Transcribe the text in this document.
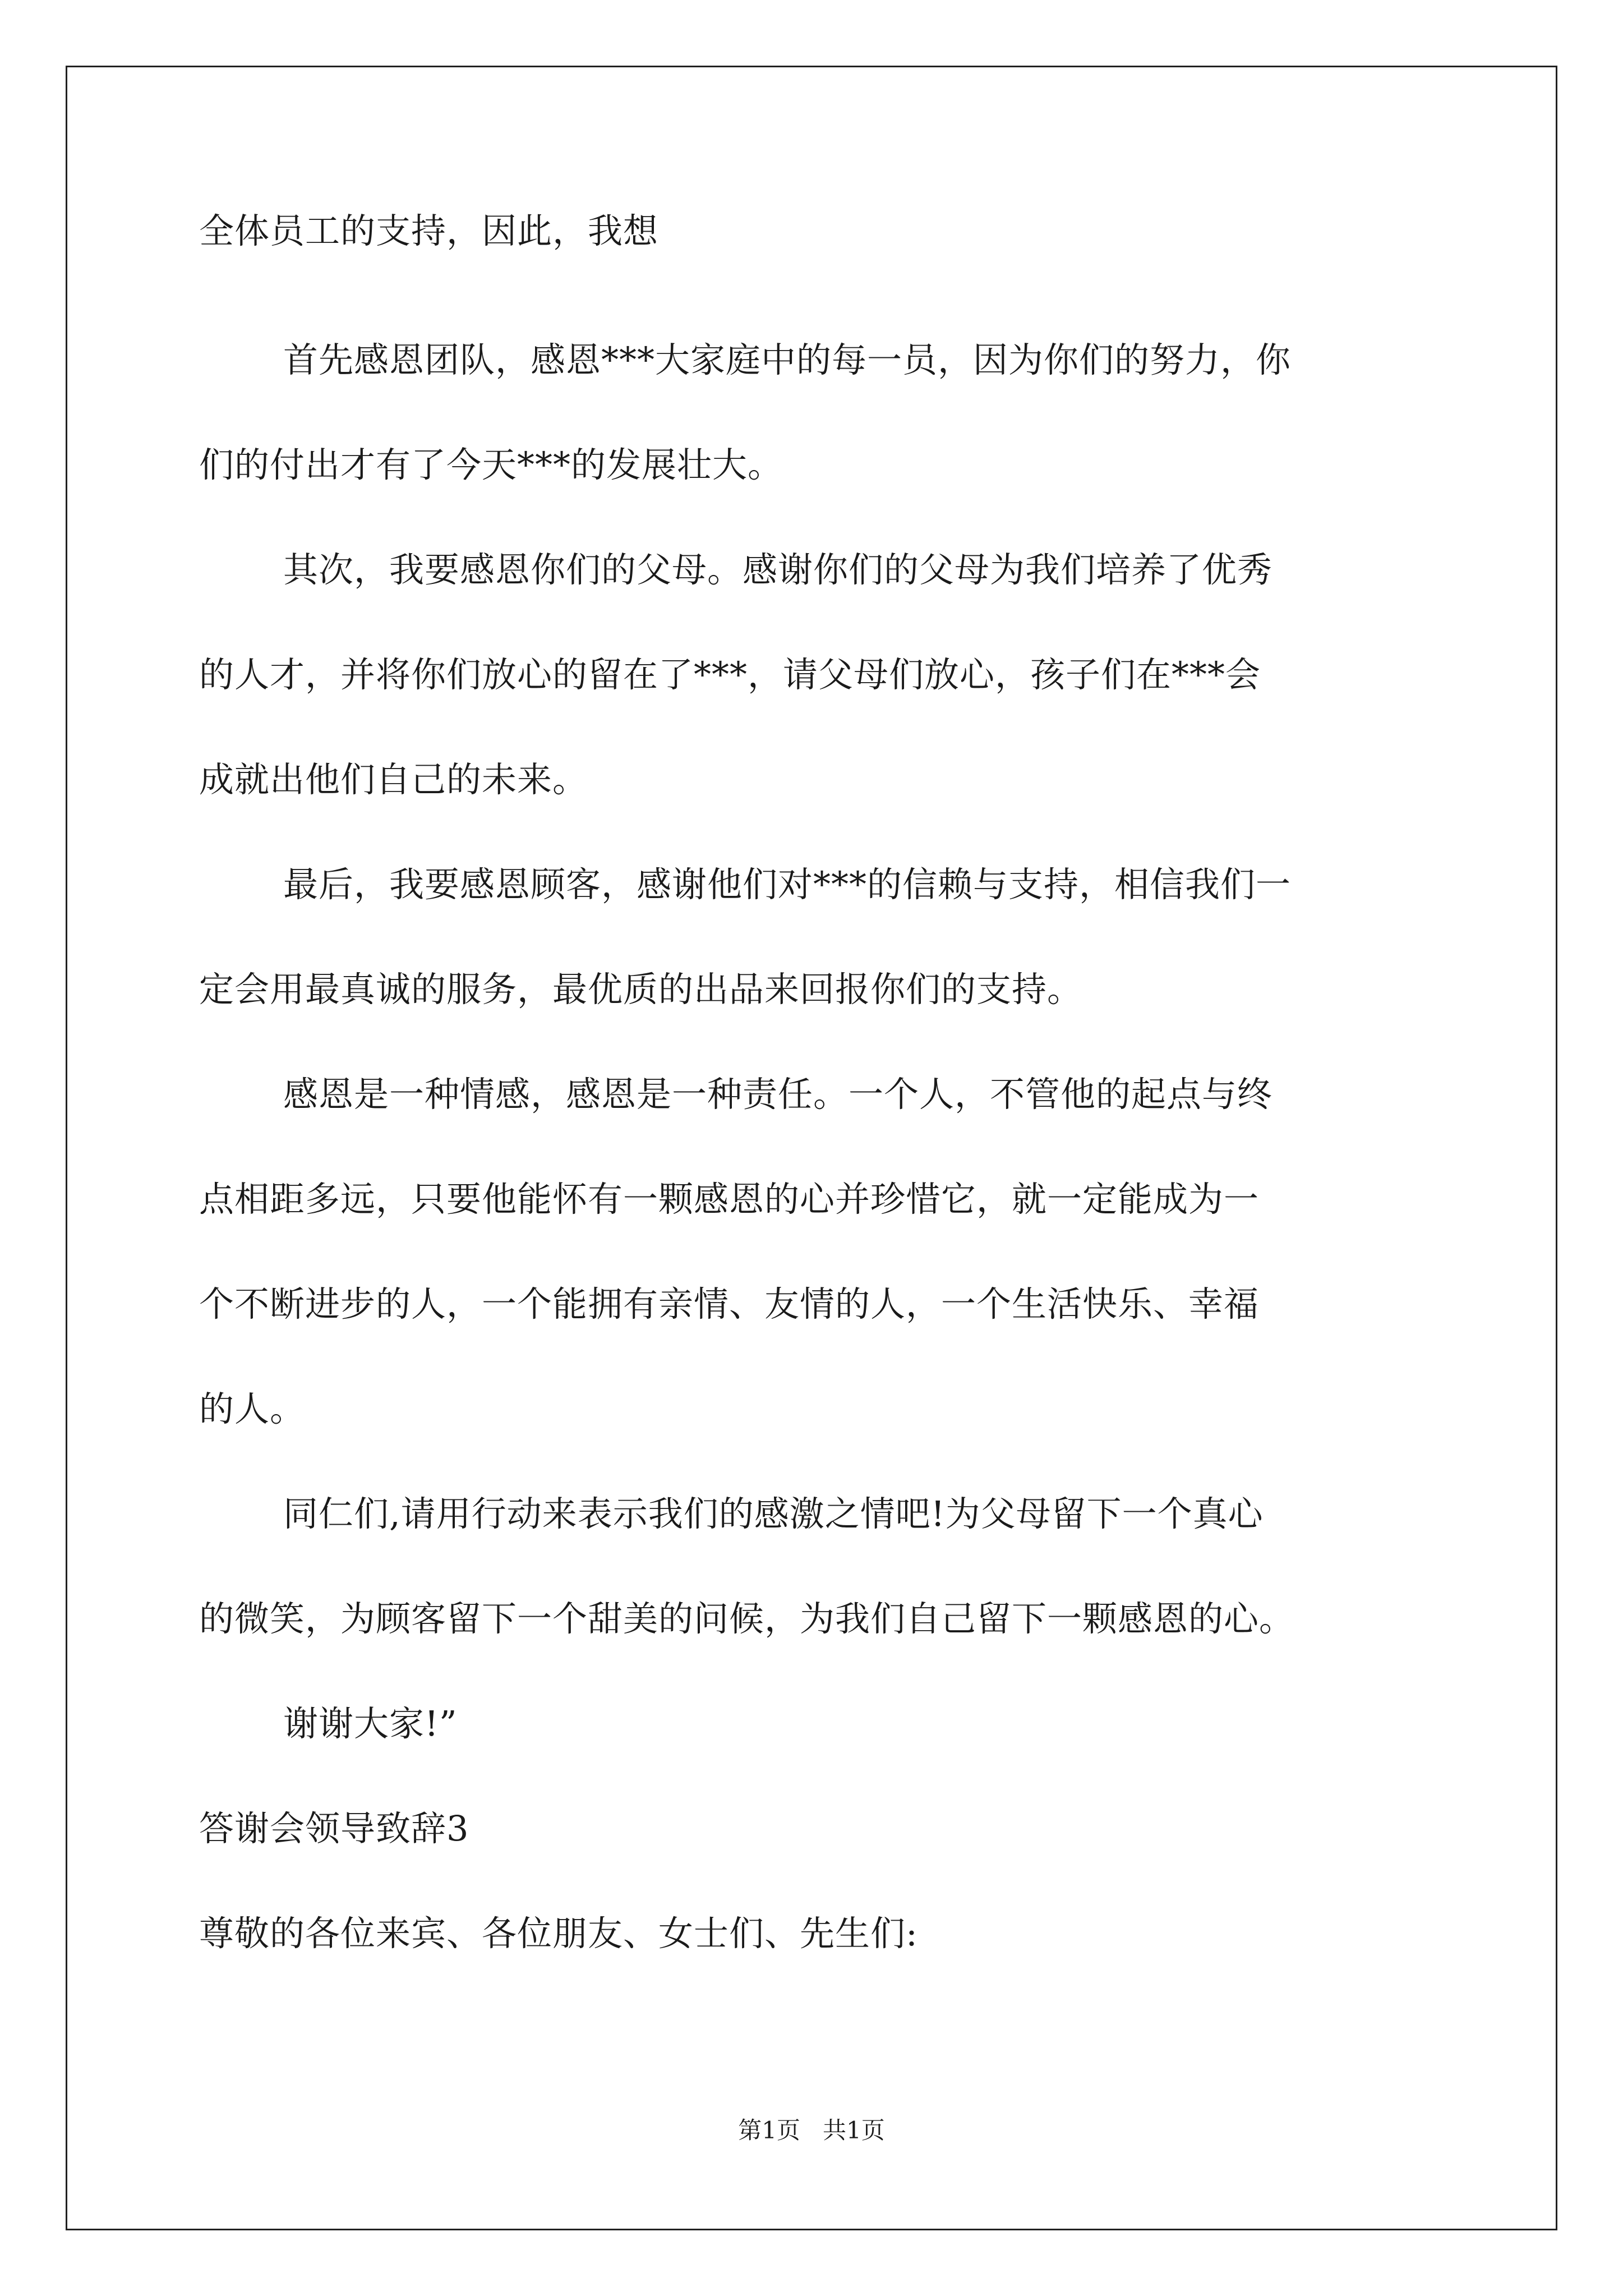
全体员工的支持，因此，我想

首先感恩团队，感恩***大家庭中的每一员，因为你们的努力，你

们的付出才有了今天***的发展壮大。

其次，我要感恩你们的父母。感谢你们的父母为我们培养了优秀

的人才，并将你们放心的留在了***，请父母们放心，孩子们在***会

成就出他们自己的未来。

最后，我要感恩顾客，感谢他们对***的信赖与支持，相信我们一

定会用最真诚的服务，最优质的出品来回报你们的支持。

感恩是一种情感，感恩是一种责任。一个人，不管他的起点与终

点相距多远，只要他能怀有一颗感恩的心并珍惜它，就一定能成为一

个不断进步的人，一个能拥有亲情、友情的人，一个生活快乐、幸福

的人。

同仁们,请用行动来表示我们的感激之情吧!为父母留下一个真心

的微笑，为顾客留下一个甜美的问候，为我们自己留下一颗感恩的心。

谢谢大家!”

答谢会领导致辞3

尊敬的各位来宾、各位朋友、女士们、先生们:

第1页   共1页
